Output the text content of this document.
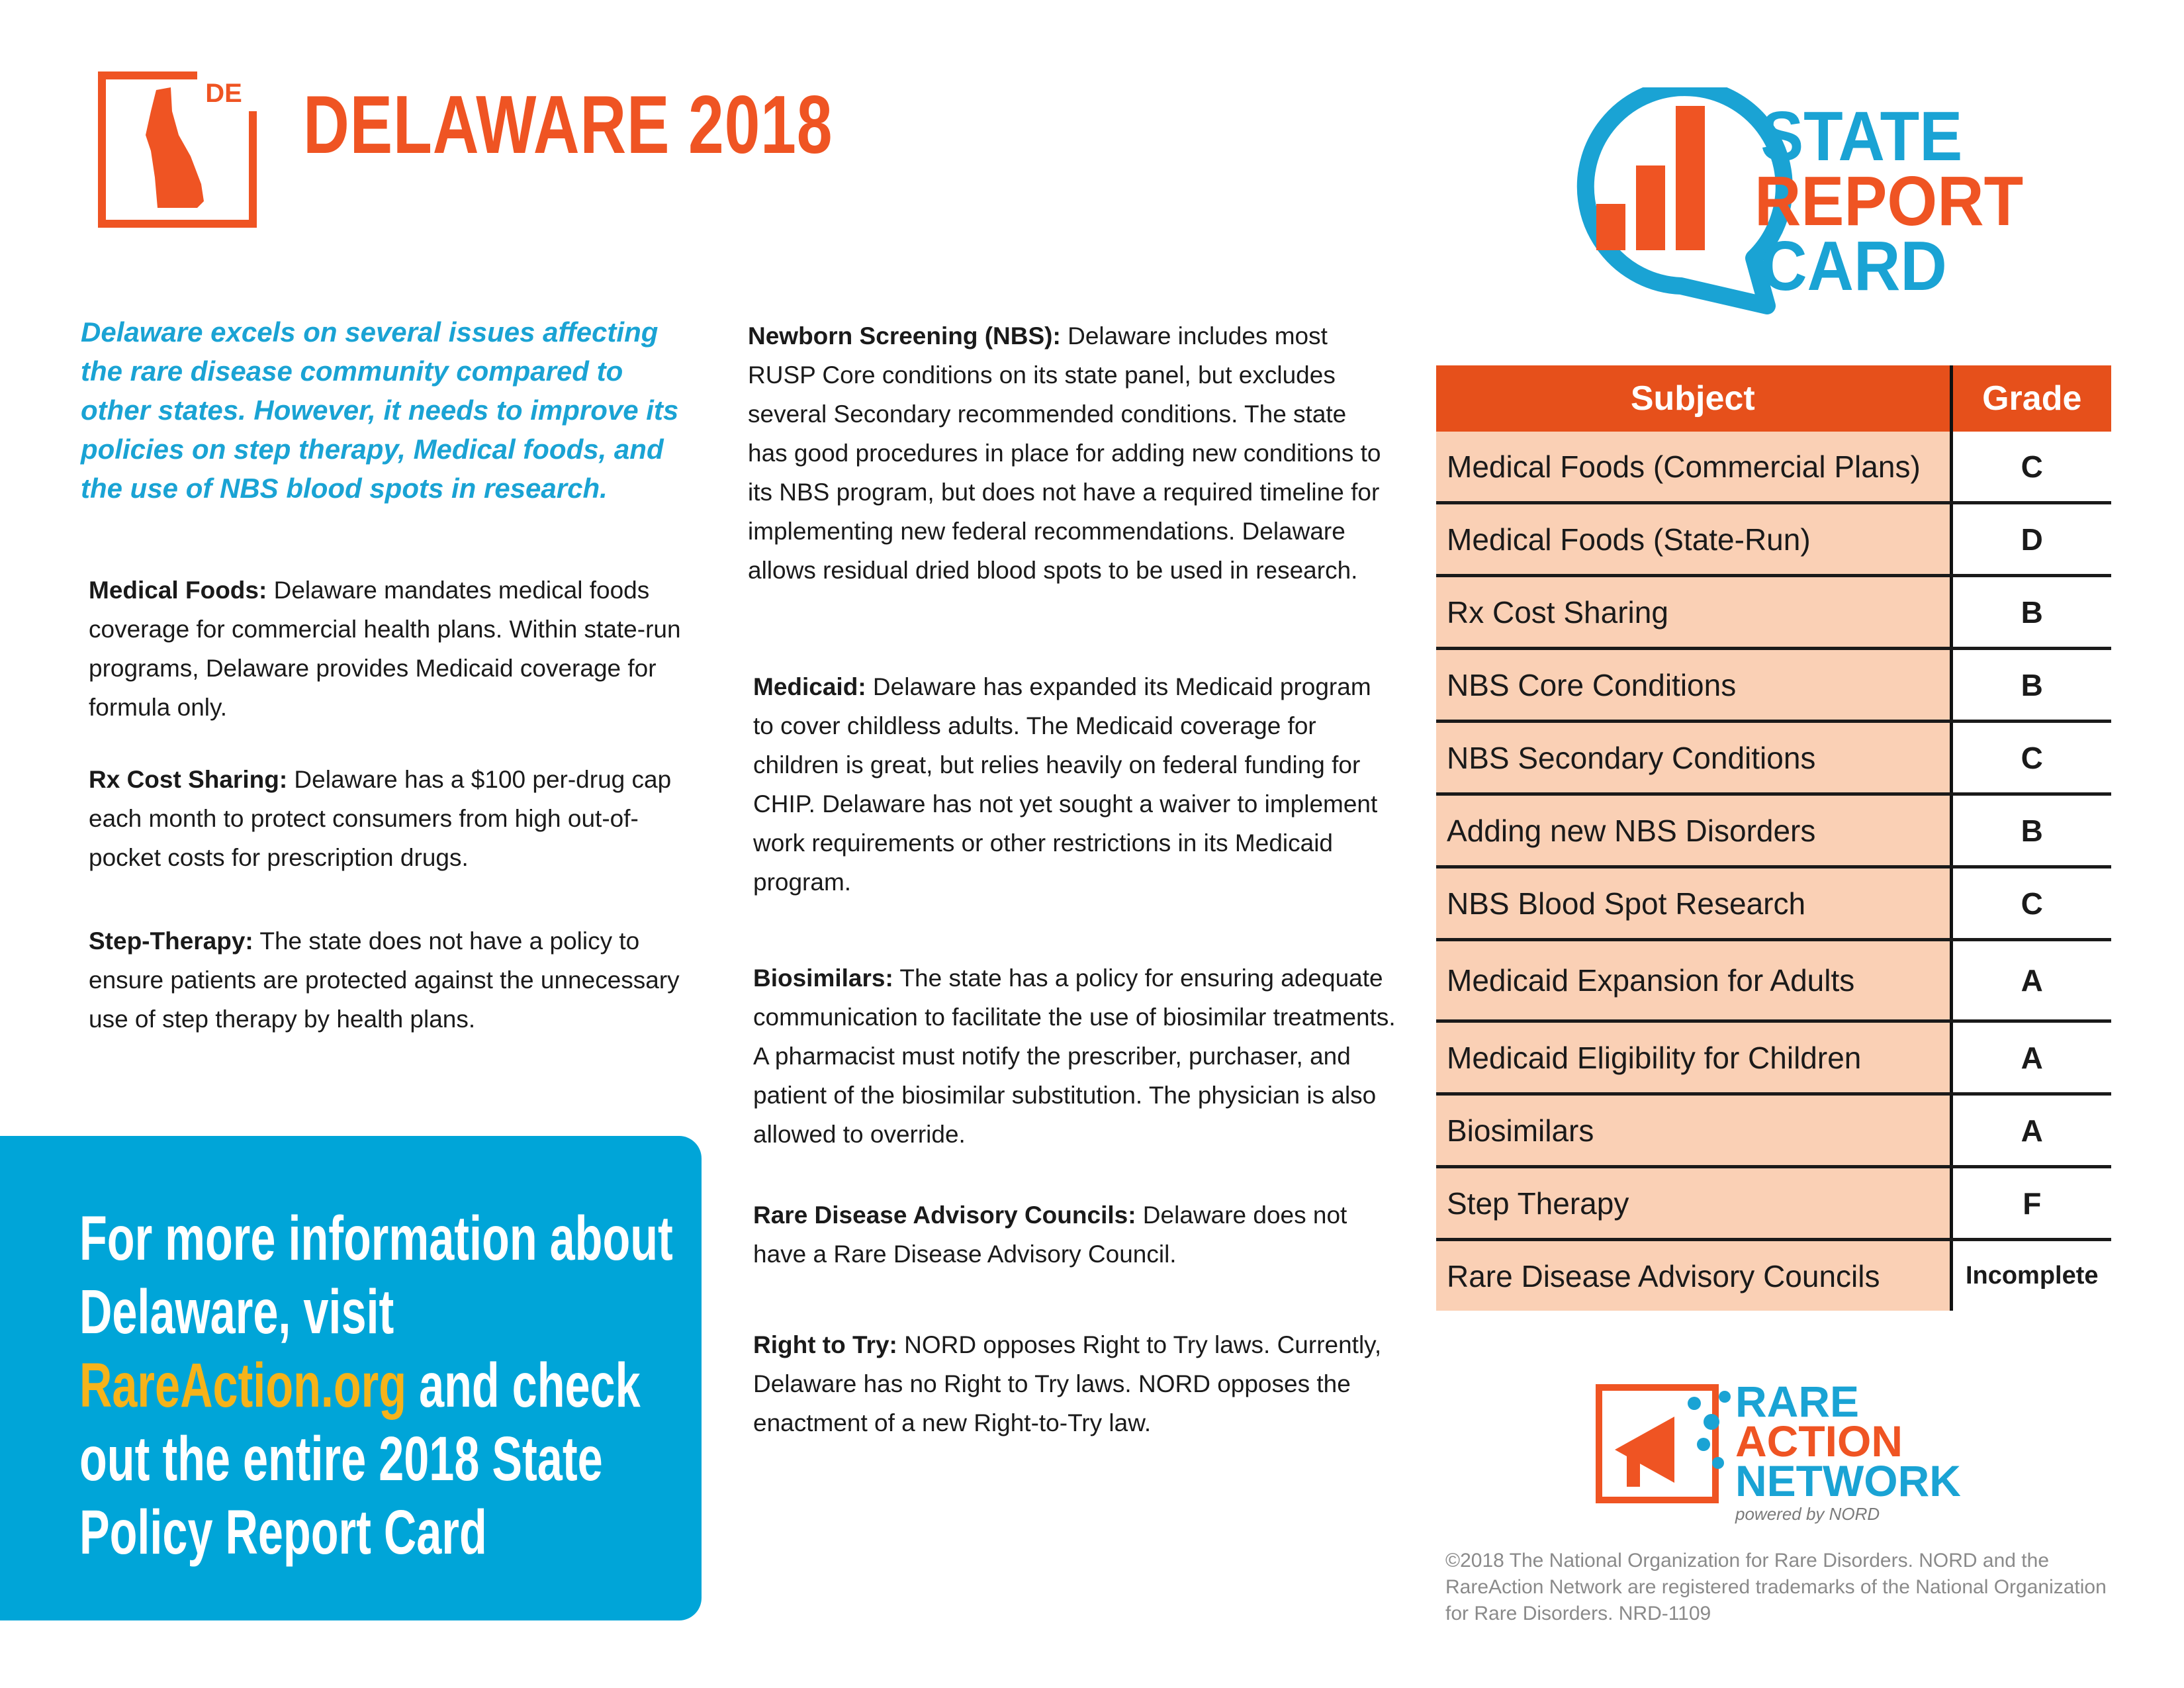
DE DELAWARE 2018	STATE
REPORT
CARD

Delaware excels on several issues affecting the rare disease community compared to other states. However, it needs to improve its policies on step therapy, Medical foods, and the use of NBS blood spots in research.

Medical Foods: Delaware mandates medical foods coverage for commercial health plans. Within state-run programs, Delaware provides Medicaid coverage for formula only.

Rx Cost Sharing: Delaware has a $100 per-drug cap each month to protect consumers from high out-of-pocket costs for prescription drugs.

Step-Therapy: The state does not have a policy to ensure patients are protected against the unnecessary use of step therapy by health plans.

Newborn Screening (NBS): Delaware includes most RUSP Core conditions on its state panel, but excludes several Secondary recommended conditions. The state has good procedures in place for adding new conditions to its NBS program, but does not have a required timeline for implementing new federal recommendations. Delaware allows residual dried blood spots to be used in research.

Medicaid: Delaware has expanded its Medicaid program to cover childless adults. The Medicaid coverage for children is great, but relies heavily on federal funding for CHIP. Delaware has not yet sought a waiver to implement work requirements or other restrictions in its Medicaid program.

Biosimilars: The state has a policy for ensuring adequate communication to facilitate the use of biosimilar treatments. A pharmacist must notify the prescriber, purchaser, and patient of the biosimilar substitution. The physician is also allowed to override.

Rare Disease Advisory Councils: Delaware does not have a Rare Disease Advisory Council.

Right to Try: NORD opposes Right to Try laws. Currently, Delaware has no Right to Try laws. NORD opposes the enactment of a new Right-to-Try law.

For more information about Delaware, visit RareAction.org and check out the entire 2018 State Policy Report Card

Subject	Grade
Medical Foods (Commercial Plans)	C
Medical Foods (State-Run)	D
Rx Cost Sharing	B
NBS Core Conditions	B
NBS Secondary Conditions	C
Adding new NBS Disorders	B
NBS Blood Spot Research	C
Medicaid Expansion for Adults	A
Medicaid Eligibility for Children	A
Biosimilars	A
Step Therapy	F
Rare Disease Advisory Councils	Incomplete
RARE
ACTION
NETWORK
powered by NORD

©2018 The National Organization for Rare Disorders. NORD and the RareAction Network are registered trademarks of the National Organization for Rare Disorders. NRD-1109
